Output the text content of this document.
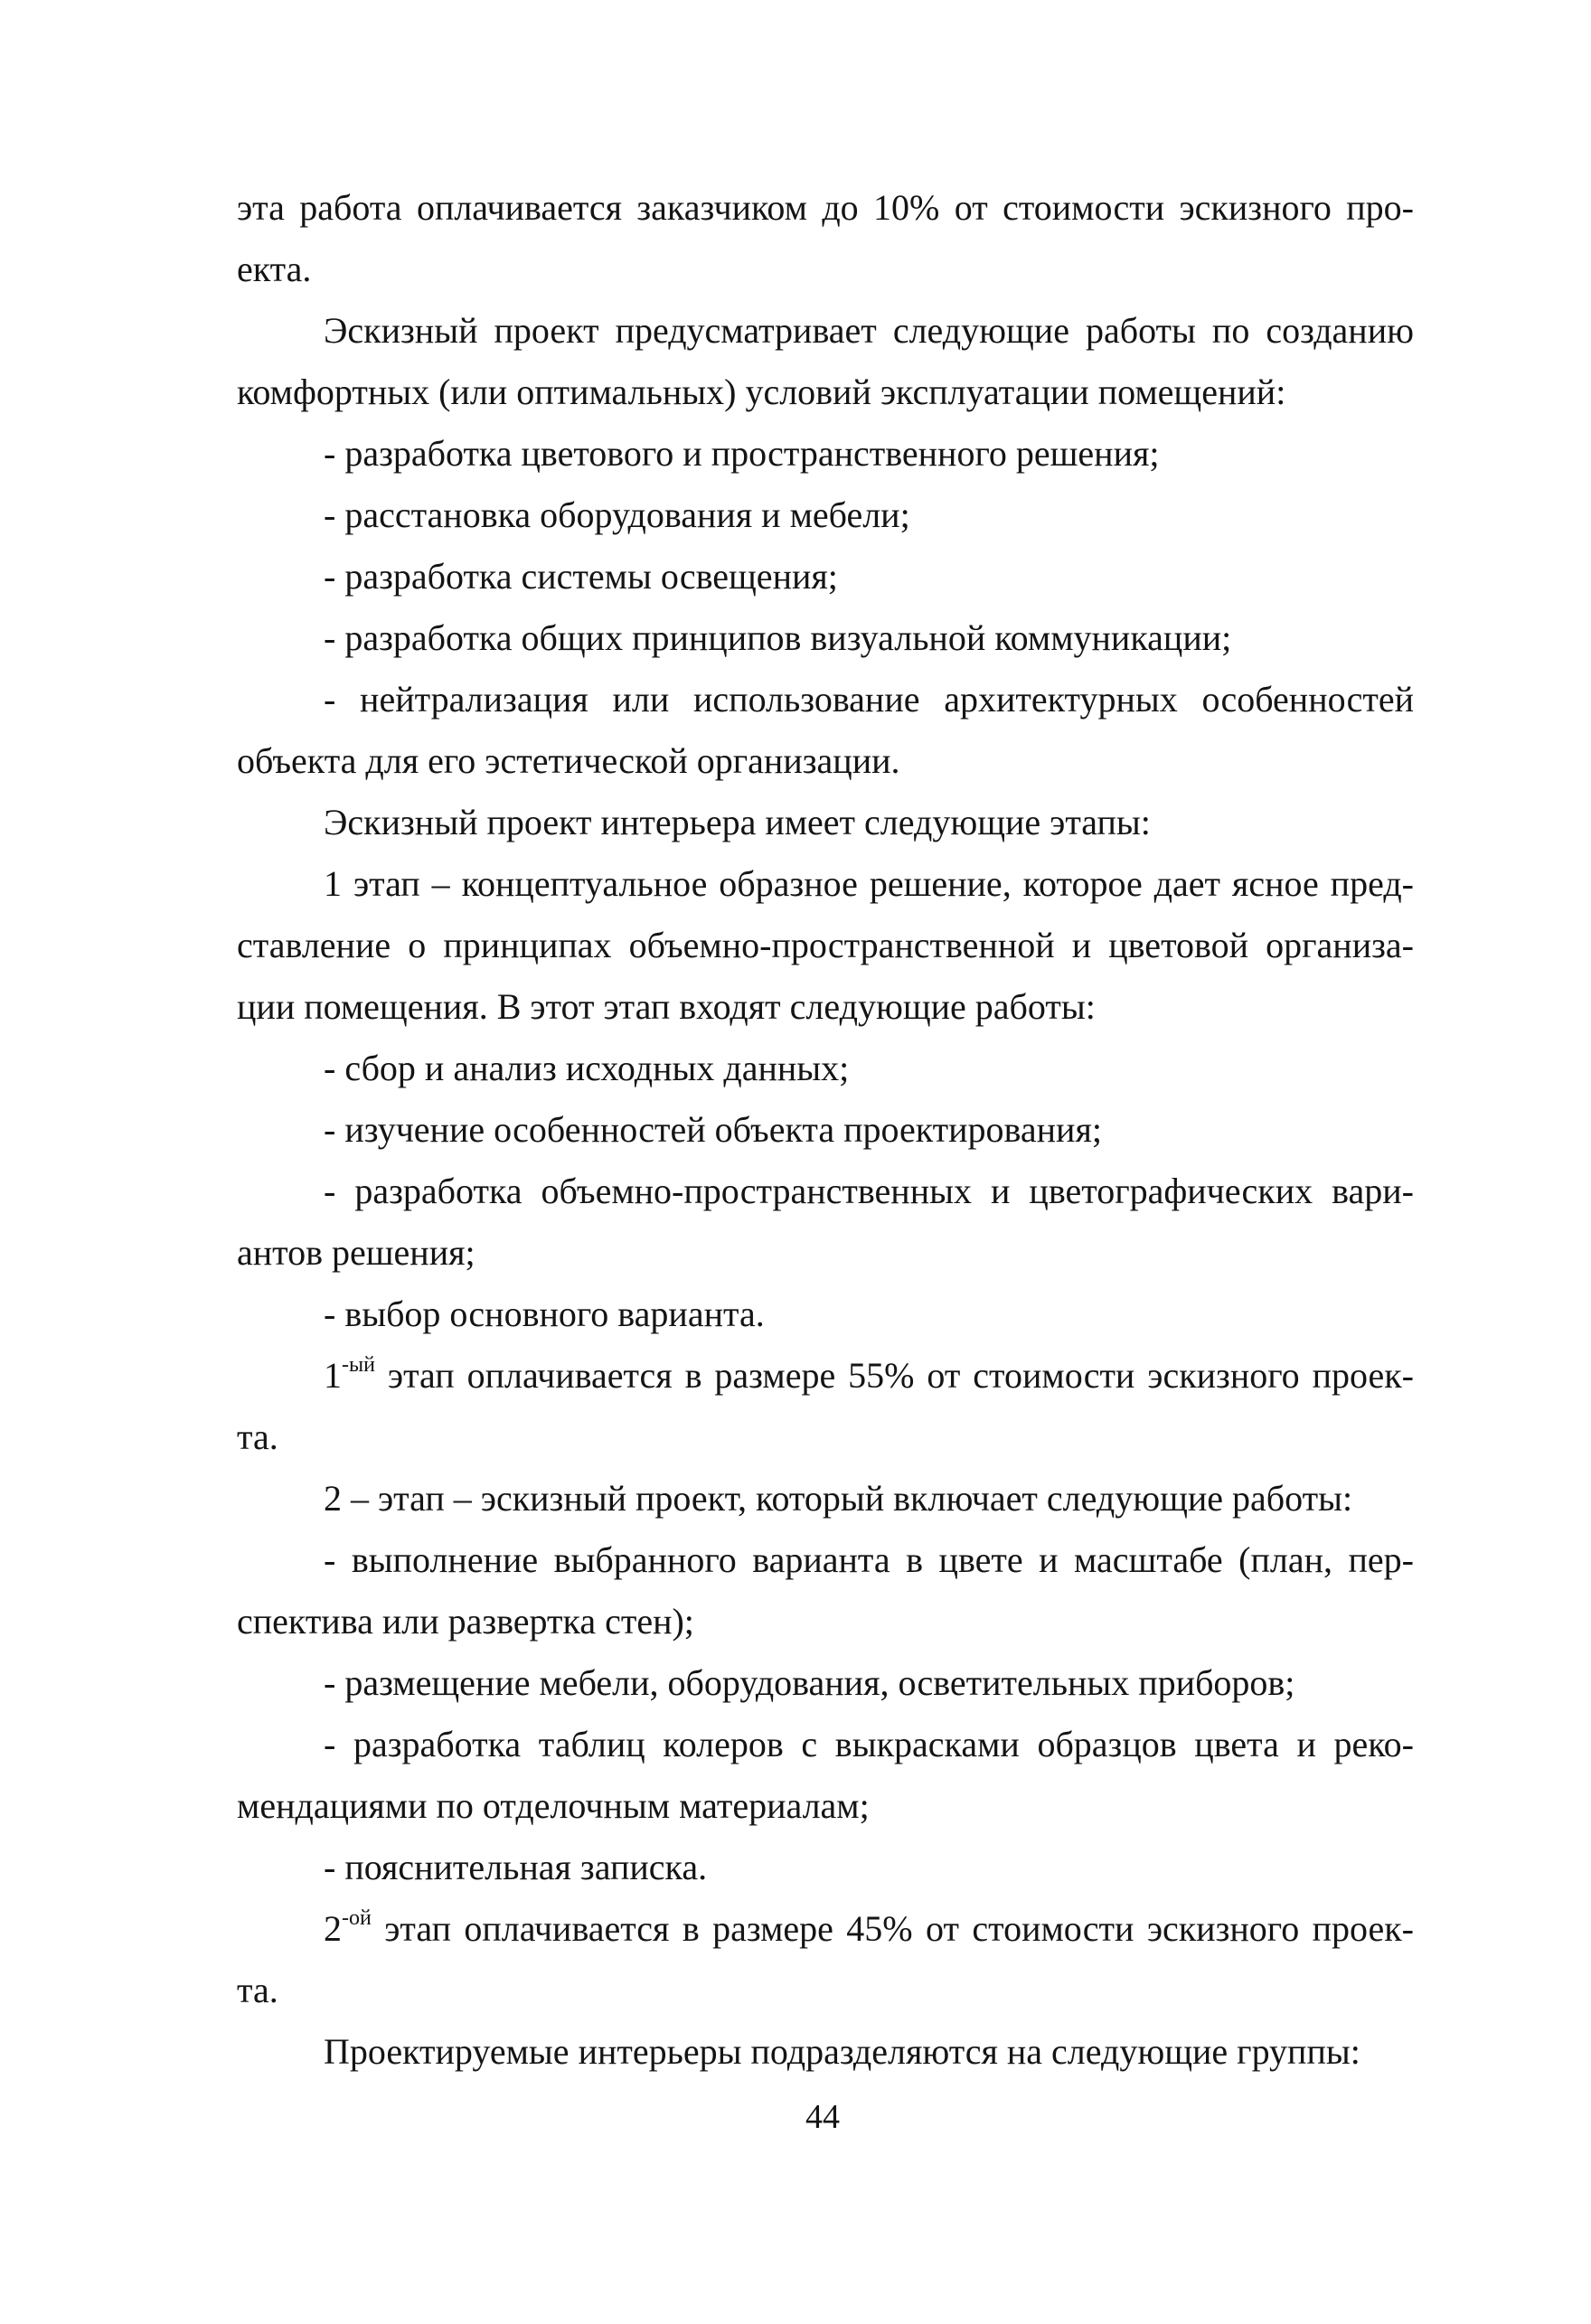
эта работа оплачивается заказчиком до 10% от стоимости эскизного про-
екта.
Эскизный проект предусматривает следующие работы по созданию
комфортных (или оптимальных) условий эксплуатации помещений:
- разработка цветового и пространственного решения;
- расстановка оборудования и мебели;
- разработка системы освещения;
- разработка общих принципов визуальной коммуникации;
- нейтрализация или использование архитектурных особенностей
объекта для его эстетической организации.
Эскизный проект интерьера имеет следующие этапы:
1 этап – концептуальное образное решение, которое дает ясное пред-
ставление о принципах объемно-пространственной и цветовой организа-
ции помещения. В этот этап входят следующие работы:
- сбор и анализ исходных данных;
- изучение особенностей объекта проектирования;
- разработка объемно-пространственных и цветографических вари-
антов решения;
- выбор основного варианта.
$1^{-ый}$ этап оплачивается в размере 55% от стоимости эскизного проек-
та.
2 – этап – эскизный проект, который включает следующие работы:
- выполнение выбранного варианта в цвете и масштабе (план, пер-
спектива или развертка стен);
- размещение мебели, оборудования, осветительных приборов;
- разработка таблиц колеров с выкрасками образцов цвета и реко-
мендациями по отделочным материалам;
- пояснительная записка.
$2^{-ой}$ этап оплачивается в размере 45% от стоимости эскизного проек-
та.
Проектируемые интерьеры подразделяются на следующие группы:
44
